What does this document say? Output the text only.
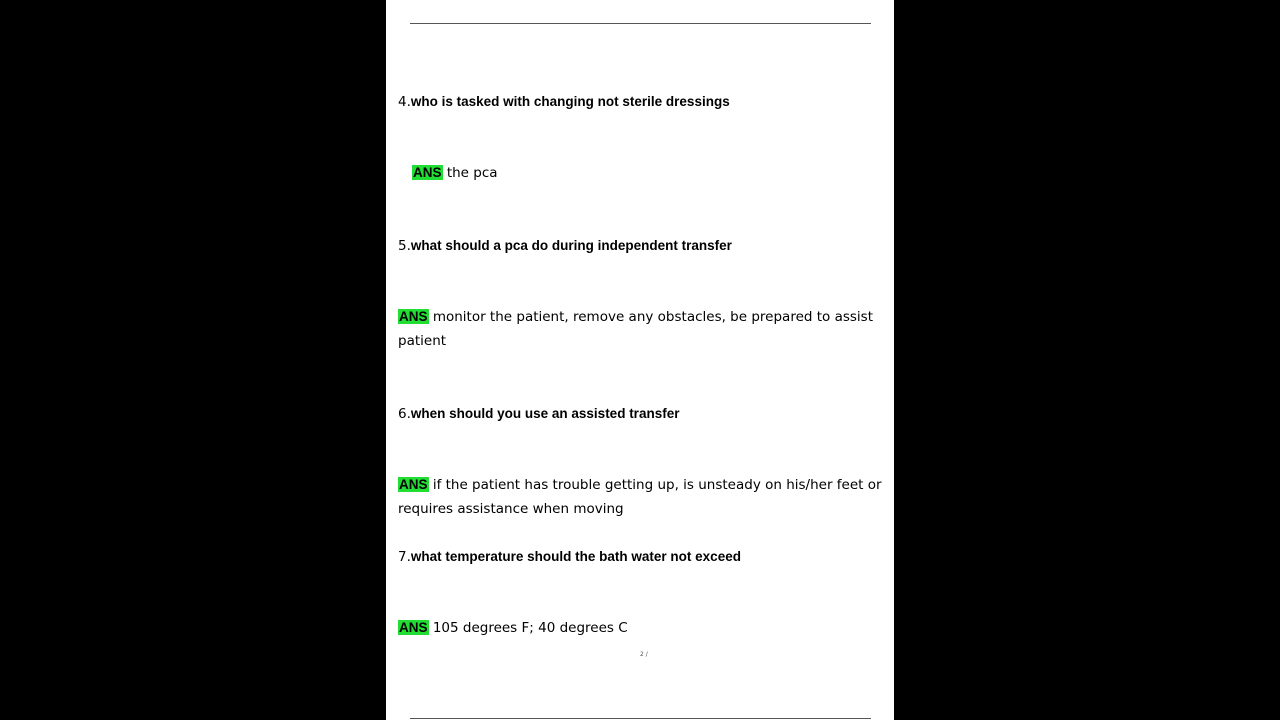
4.who is tasked with changing not sterile dressings
ANS the pca
5.what should a pca do during independent transfer
ANS monitor the patient, remove any obstacles, be prepared to assist patient
6.when should you use an assisted transfer
ANS if the patient has trouble getting up, is unsteady on his/her feet or requires assistance when moving
7.what temperature should the bath water not exceed
ANS 105 degrees F; 40 degrees C
2 /
